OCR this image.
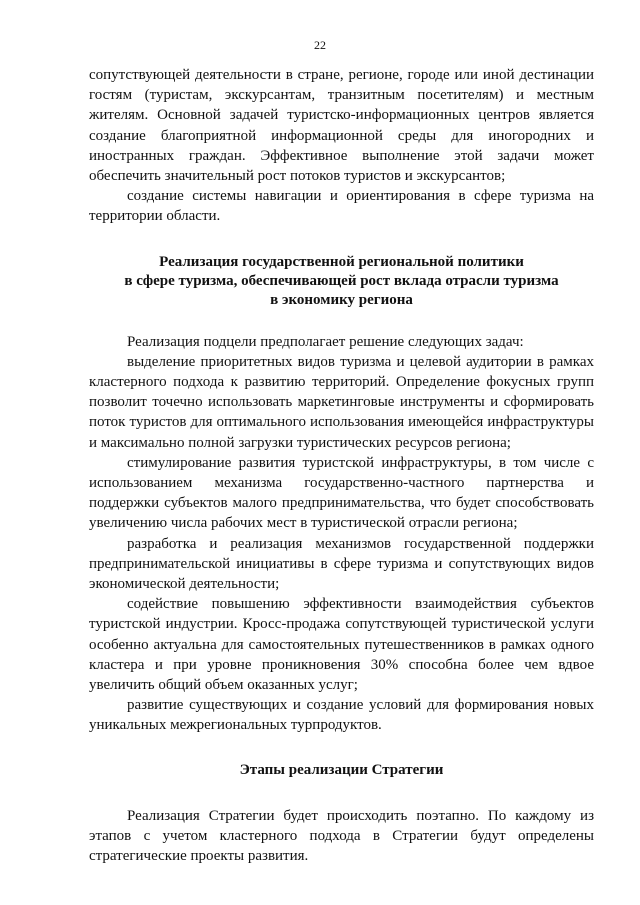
22

сопутствующей деятельности в стране, регионе, городе или иной дестинации гостям (туристам, экскурсантам, транзитным посетителям) и местным жителям. Основной задачей туристско-информационных центров является создание благоприятной информационной среды для иногородних и иностранных граждан. Эффективное выполнение этой задачи может обеспечить значительный рост потоков туристов и экскурсантов;

создание системы навигации и ориентирования в сфере туризма на территории области.

Реализация государственной региональной политики
в сфере туризма, обеспечивающей рост вклада отрасли туризма
в экономику региона

Реализация подцели предполагает решение следующих задач:

выделение приоритетных видов туризма и целевой аудитории в рамках кластерного подхода к развитию территорий. Определение фокусных групп позволит точечно использовать маркетинговые инструменты и сформировать поток туристов для оптимального использования имеющейся инфраструктуры и максимально полной загрузки туристических ресурсов региона;

стимулирование развития туристской инфраструктуры, в том числе с использованием механизма государственно-частного партнерства и поддержки субъектов малого предпринимательства, что будет способствовать увеличению числа рабочих мест в туристической отрасли региона;

разработка и реализация механизмов государственной поддержки предпринимательской инициативы в сфере туризма и сопутствующих видов экономической деятельности;

содействие повышению эффективности взаимодействия субъектов туристской индустрии. Кросс-продажа сопутствующей туристической услуги особенно актуальна для самостоятельных путешественников в рамках одного кластера и при уровне проникновения 30% способна более чем вдвое увеличить общий объем оказанных услуг;

развитие существующих и создание условий для формирования новых уникальных межрегиональных турпродуктов.

Этапы реализации Стратегии

Реализация Стратегии будет происходить поэтапно. По каждому из этапов с учетом кластерного подхода в Стратегии будут определены стратегические проекты развития.
